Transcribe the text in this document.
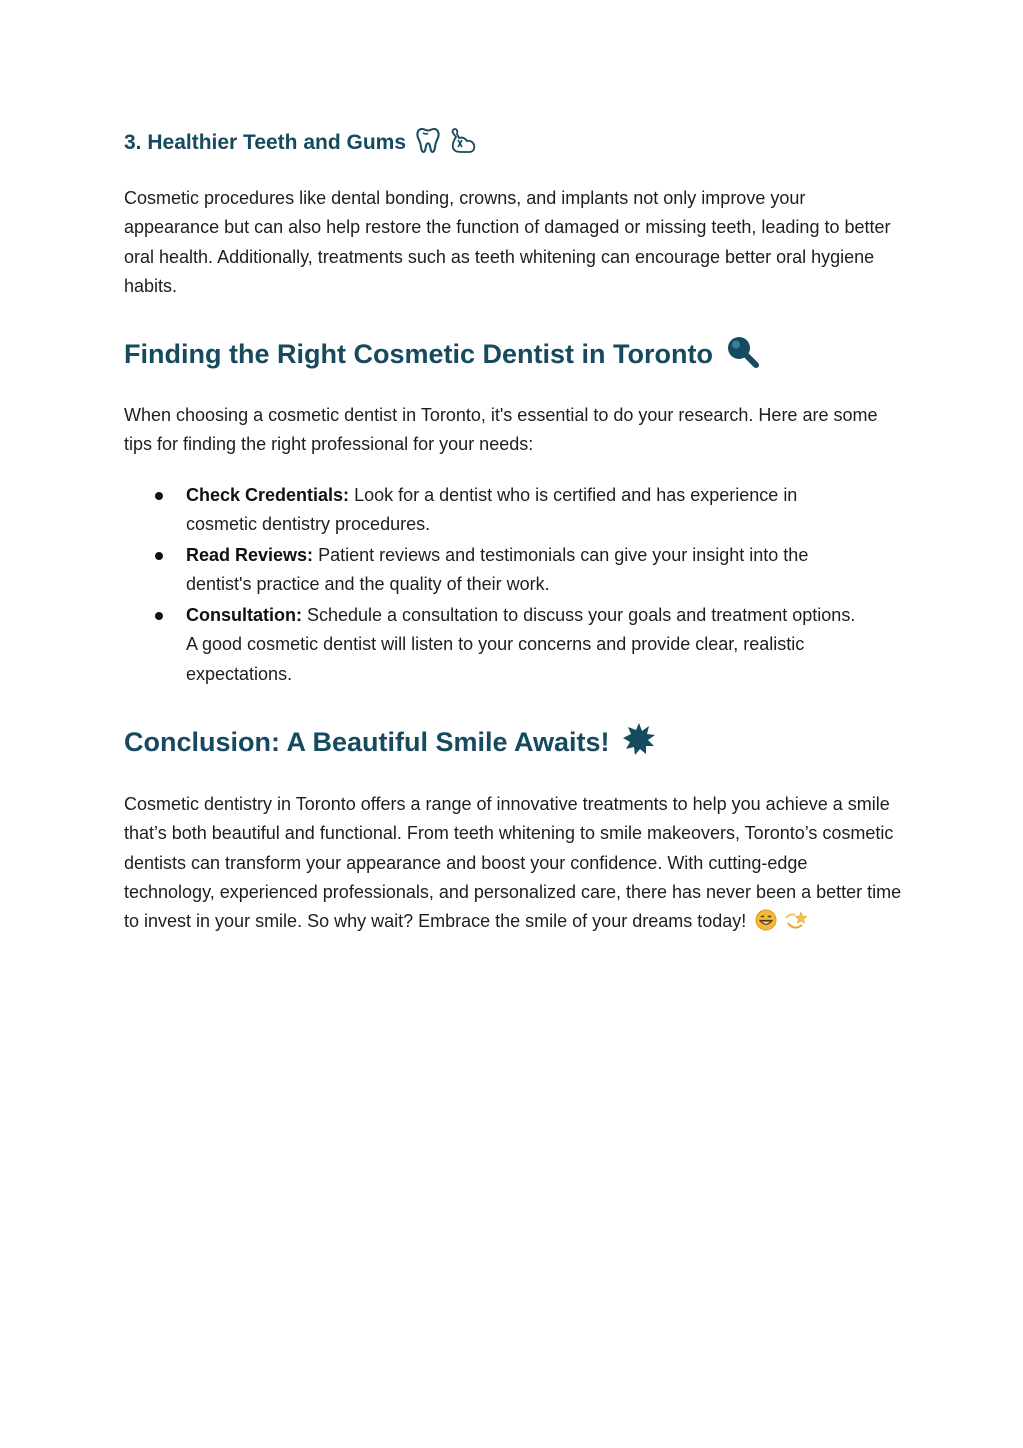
3. Healthier Teeth and Gums

Cosmetic procedures like dental bonding, crowns, and implants not only improve your appearance but can also help restore the function of damaged or missing teeth, leading to better oral health. Additionally, treatments such as teeth whitening can encourage better oral hygiene habits.

Finding the Right Cosmetic Dentist in Toronto

When choosing a cosmetic dentist in Toronto, it's essential to do your research. Here are some tips for finding the right professional for your needs:

Check Credentials: Look for a dentist who is certified and has experience in cosmetic dentistry procedures.
Read Reviews: Patient reviews and testimonials can give your insight into the dentist's practice and the quality of their work.
Consultation: Schedule a consultation to discuss your goals and treatment options. A good cosmetic dentist will listen to your concerns and provide clear, realistic expectations.
Conclusion: A Beautiful Smile Awaits!

Cosmetic dentistry in Toronto offers a range of innovative treatments to help you achieve a smile that’s both beautiful and functional. From teeth whitening to smile makeovers, Toronto’s cosmetic dentists can transform your appearance and boost your confidence. With cutting-edge technology, experienced professionals, and personalized care, there has never been a better time to invest in your smile. So why wait? Embrace the smile of your dreams today!
